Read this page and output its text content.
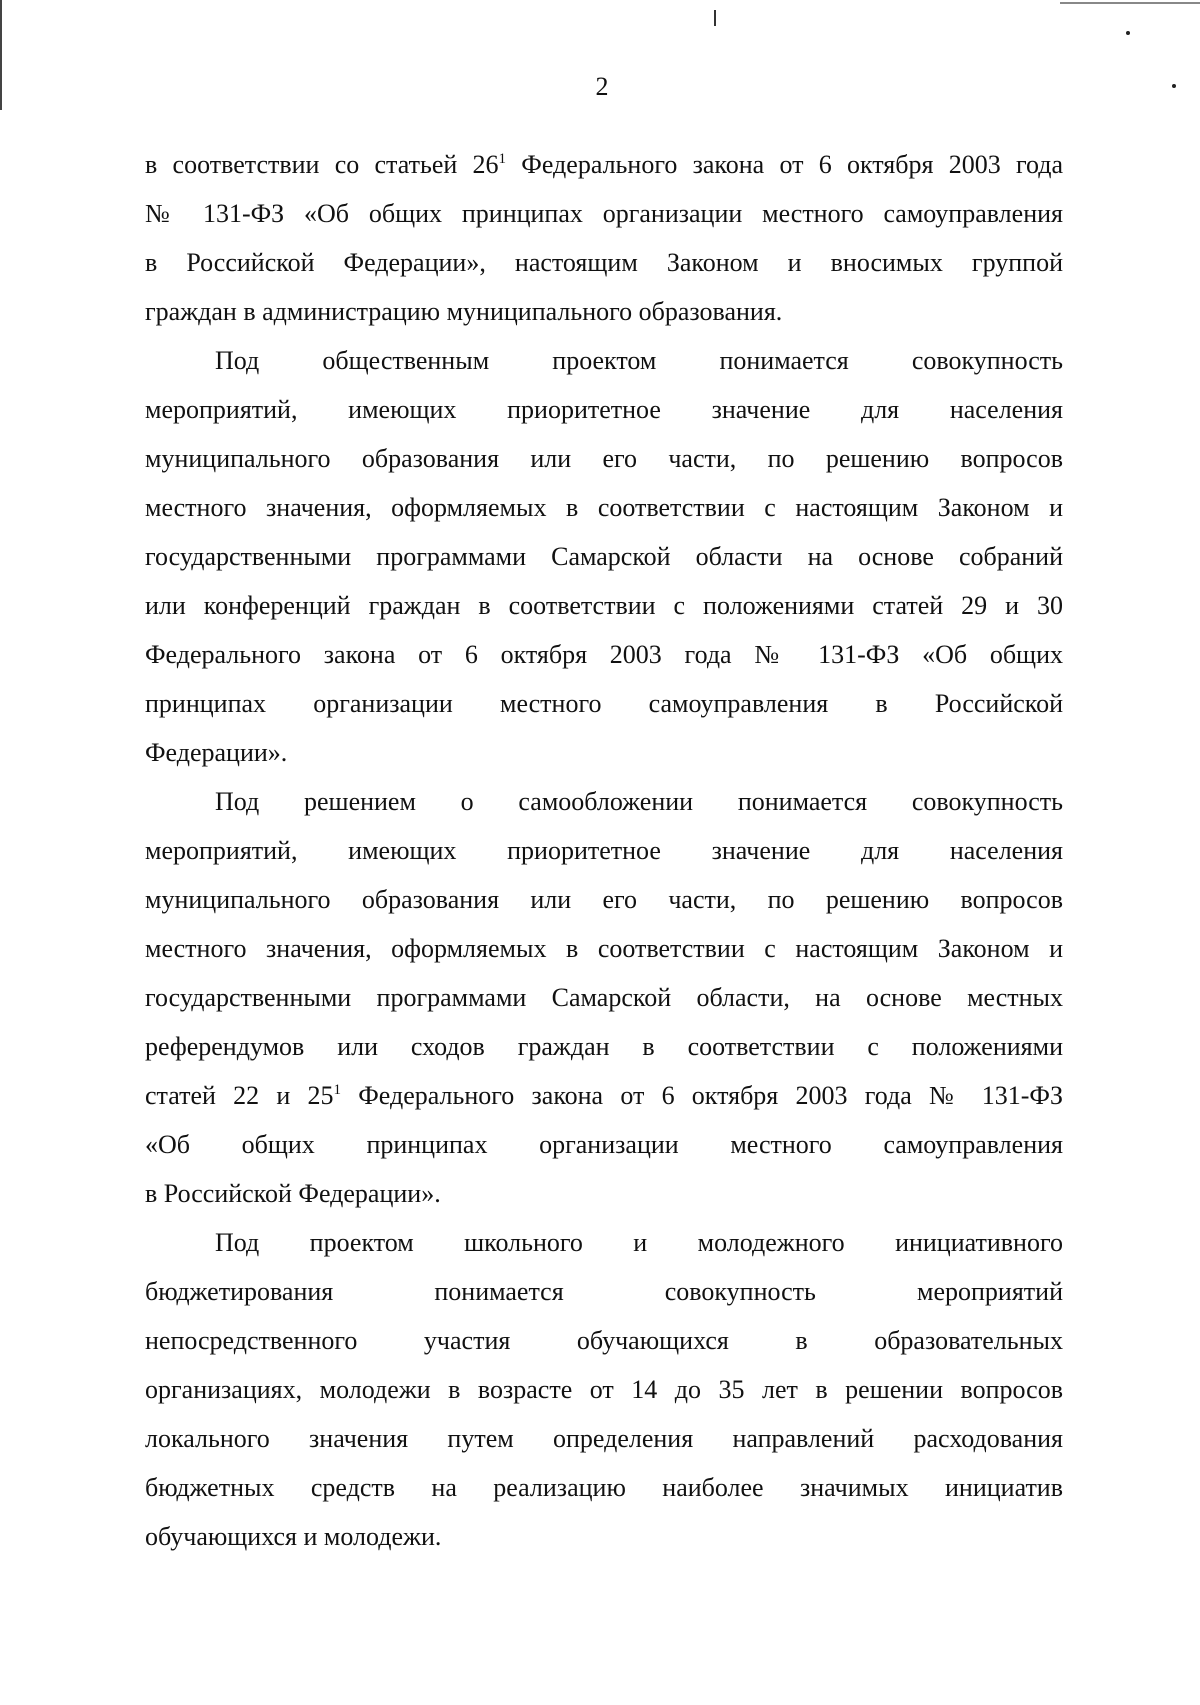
2
в соответствии со статьей $26^1$ Федерального закона от 6 октября 2003 года
№ 131-ФЗ «Об общих принципах организации местного самоуправления
в Российской Федерации», настоящим Законом и вносимых группой
граждан в администрацию муниципального образования.
Под общественным проектом понимается совокупность
мероприятий, имеющих приоритетное значение для населения
муниципального образования или его части, по решению вопросов
местного значения, оформляемых в соответствии с настоящим Законом и
государственными программами Самарской области на основе собраний
или конференций граждан в соответствии с положениями статей 29 и 30
Федерального закона от 6 октября 2003 года № 131-ФЗ «Об общих
принципах организации местного самоуправления в Российской
Федерации».
Под решением о самообложении понимается совокупность
мероприятий, имеющих приоритетное значение для населения
муниципального образования или его части, по решению вопросов
местного значения, оформляемых в соответствии с настоящим Законом и
государственными программами Самарской области, на основе местных
референдумов или сходов граждан в соответствии с положениями
статей 22 и $25^1$ Федерального закона от 6 октября 2003 года № 131-ФЗ
«Об общих принципах организации местного самоуправления
в Российской Федерации».
Под проектом школьного и молодежного инициативного
бюджетирования понимается совокупность мероприятий
непосредственного участия обучающихся в образовательных
организациях, молодежи в возрасте от 14 до 35 лет в решении вопросов
локального значения путем определения направлений расходования
бюджетных средств на реализацию наиболее значимых инициатив
обучающихся и молодежи.
